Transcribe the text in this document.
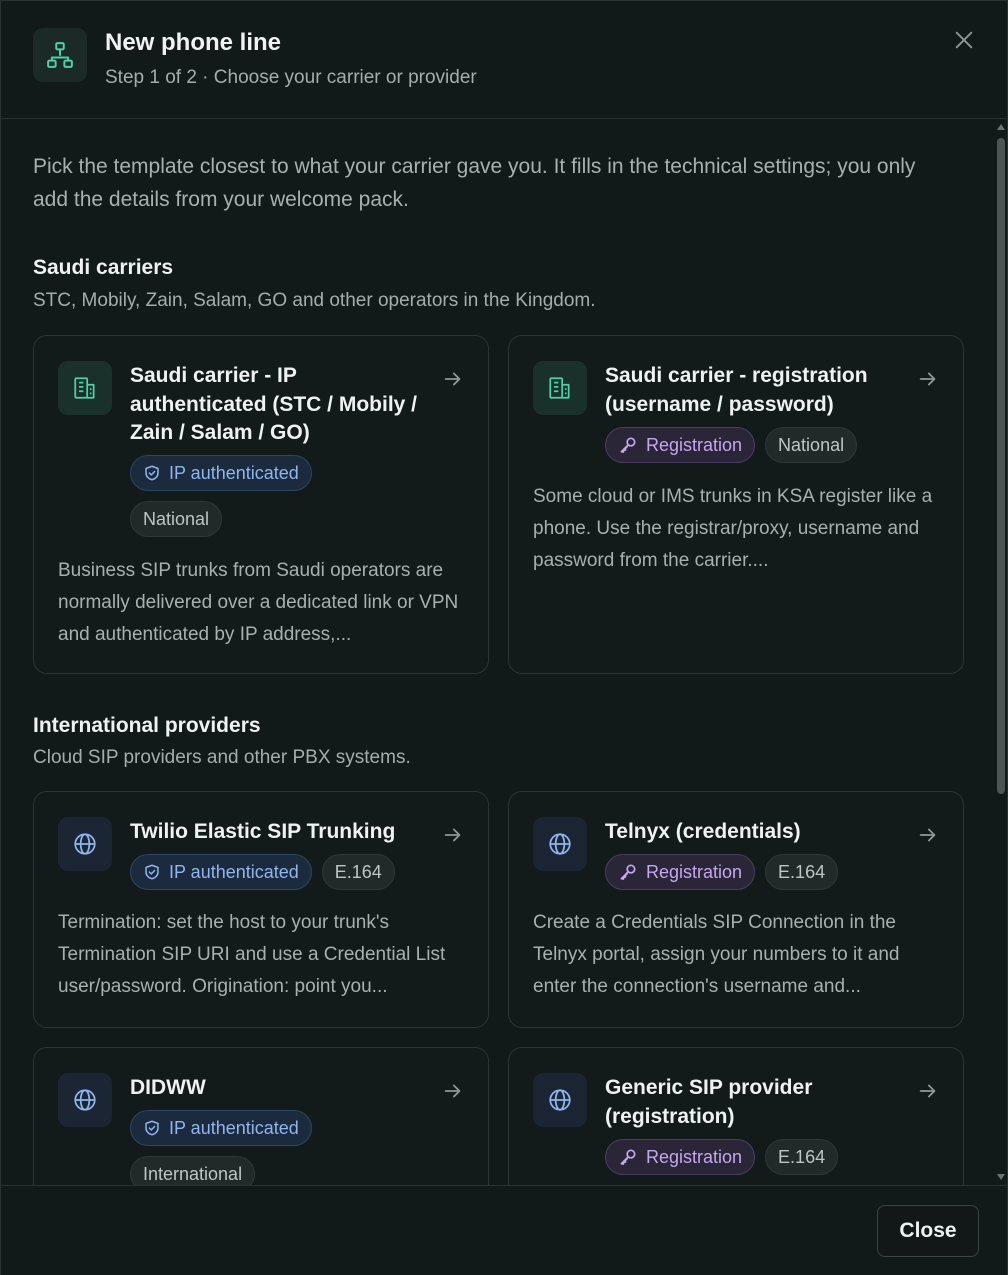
New phone line
Step 1 of 2 · Choose your carrier or provider

Pick the template closest to what your carrier gave you. It fills in the technical settings; you only add the details from your welcome pack.

Saudi carriers
STC, Mobily, Zain, Salam, GO and other operators in the Kingdom.
Saudi carrier - IP authenticated (STC / Mobily / Zain / Salam / GO)
IP authenticated
National

Business SIP trunks from Saudi operators are normally delivered over a dedicated link or VPN and authenticated by IP address,...

Saudi carrier - registration (username / password)
Registration	National

Some cloud or IMS trunks in KSA register like a phone. Use the registrar/proxy, username and password from the carrier....

International providers
Cloud SIP providers and other PBX systems.
Twilio Elastic SIP Trunking
IP authenticated	E.164

Termination: set the host to your trunk's Termination SIP URI and use a Credential List user/password. Origination: point you...

Telnyx (credentials)
Registration	E.164

Create a Credentials SIP Connection in the Telnyx portal, assign your numbers to it and enter the connection's username and...

DIDWW
IP authenticated
International
Generic SIP provider (registration)
Registration	E.164
Close
